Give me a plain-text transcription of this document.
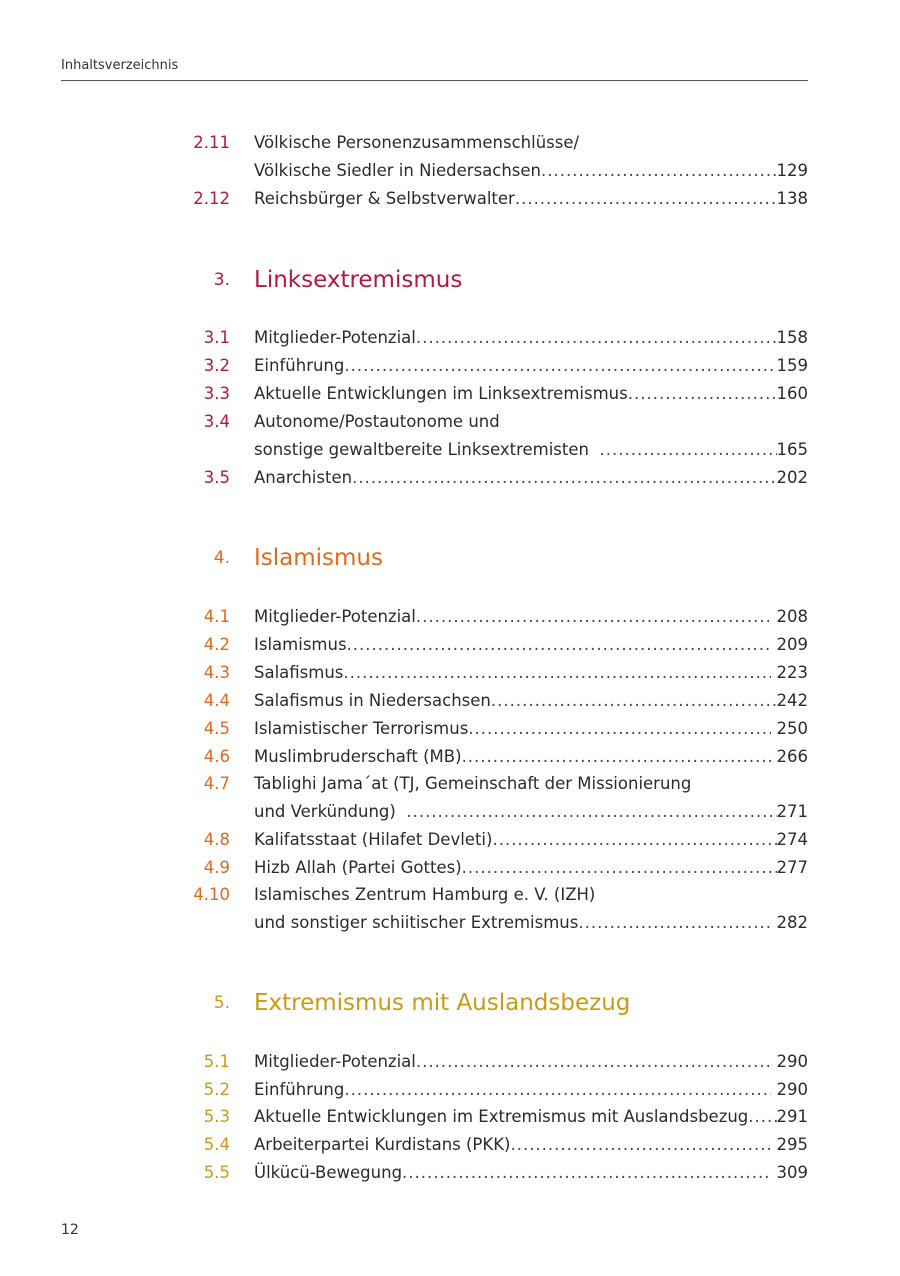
Inhaltsverzeichnis
2.11 Völkische Personenzusammenschlüsse/
Völkische Siedler in Niedersachsen .....	129
2.12 Reichsbürger & Selbstverwalter .....	138
3. Linksextremismus
3.1 Mitglieder-Potenzial .....	158
3.2 Einführung .....	159
3.3 Aktuelle Entwicklungen im Linksextremismus .....	160
3.4 Autonome/Postautonome und
sonstige gewaltbereite Linksextremisten .....	165
3.5 Anarchisten .....	202
4. Islamismus
4.1 Mitglieder-Potenzial .....	208
4.2 Islamismus .....	209
4.3 Salafismus .....	223
4.4 Salafismus in Niedersachsen .....	242
4.5 Islamistischer Terrorismus .....	250
4.6 Muslimbruderschaft (MB) .....	266
4.7 Tablighi Jama´at (TJ, Gemeinschaft der Missionierung
und Verkündung) .....	271
4.8 Kalifatsstaat (Hilafet Devleti) .....	274
4.9 Hizb Allah (Partei Gottes) .....	277
4.10 Islamisches Zentrum Hamburg e. V. (IZH)
und sonstiger schiitischer Extremismus .....	282
5. Extremismus mit Auslandsbezug
5.1 Mitglieder-Potenzial .....	290
5.2 Einführung .....	290
5.3 Aktuelle Entwicklungen im Extremismus mit Auslandsbezug ..... 291
5.4 Arbeiterpartei Kurdistans (PKK) .....	295
5.5 Ülkücü-Bewegung .....	309
12
